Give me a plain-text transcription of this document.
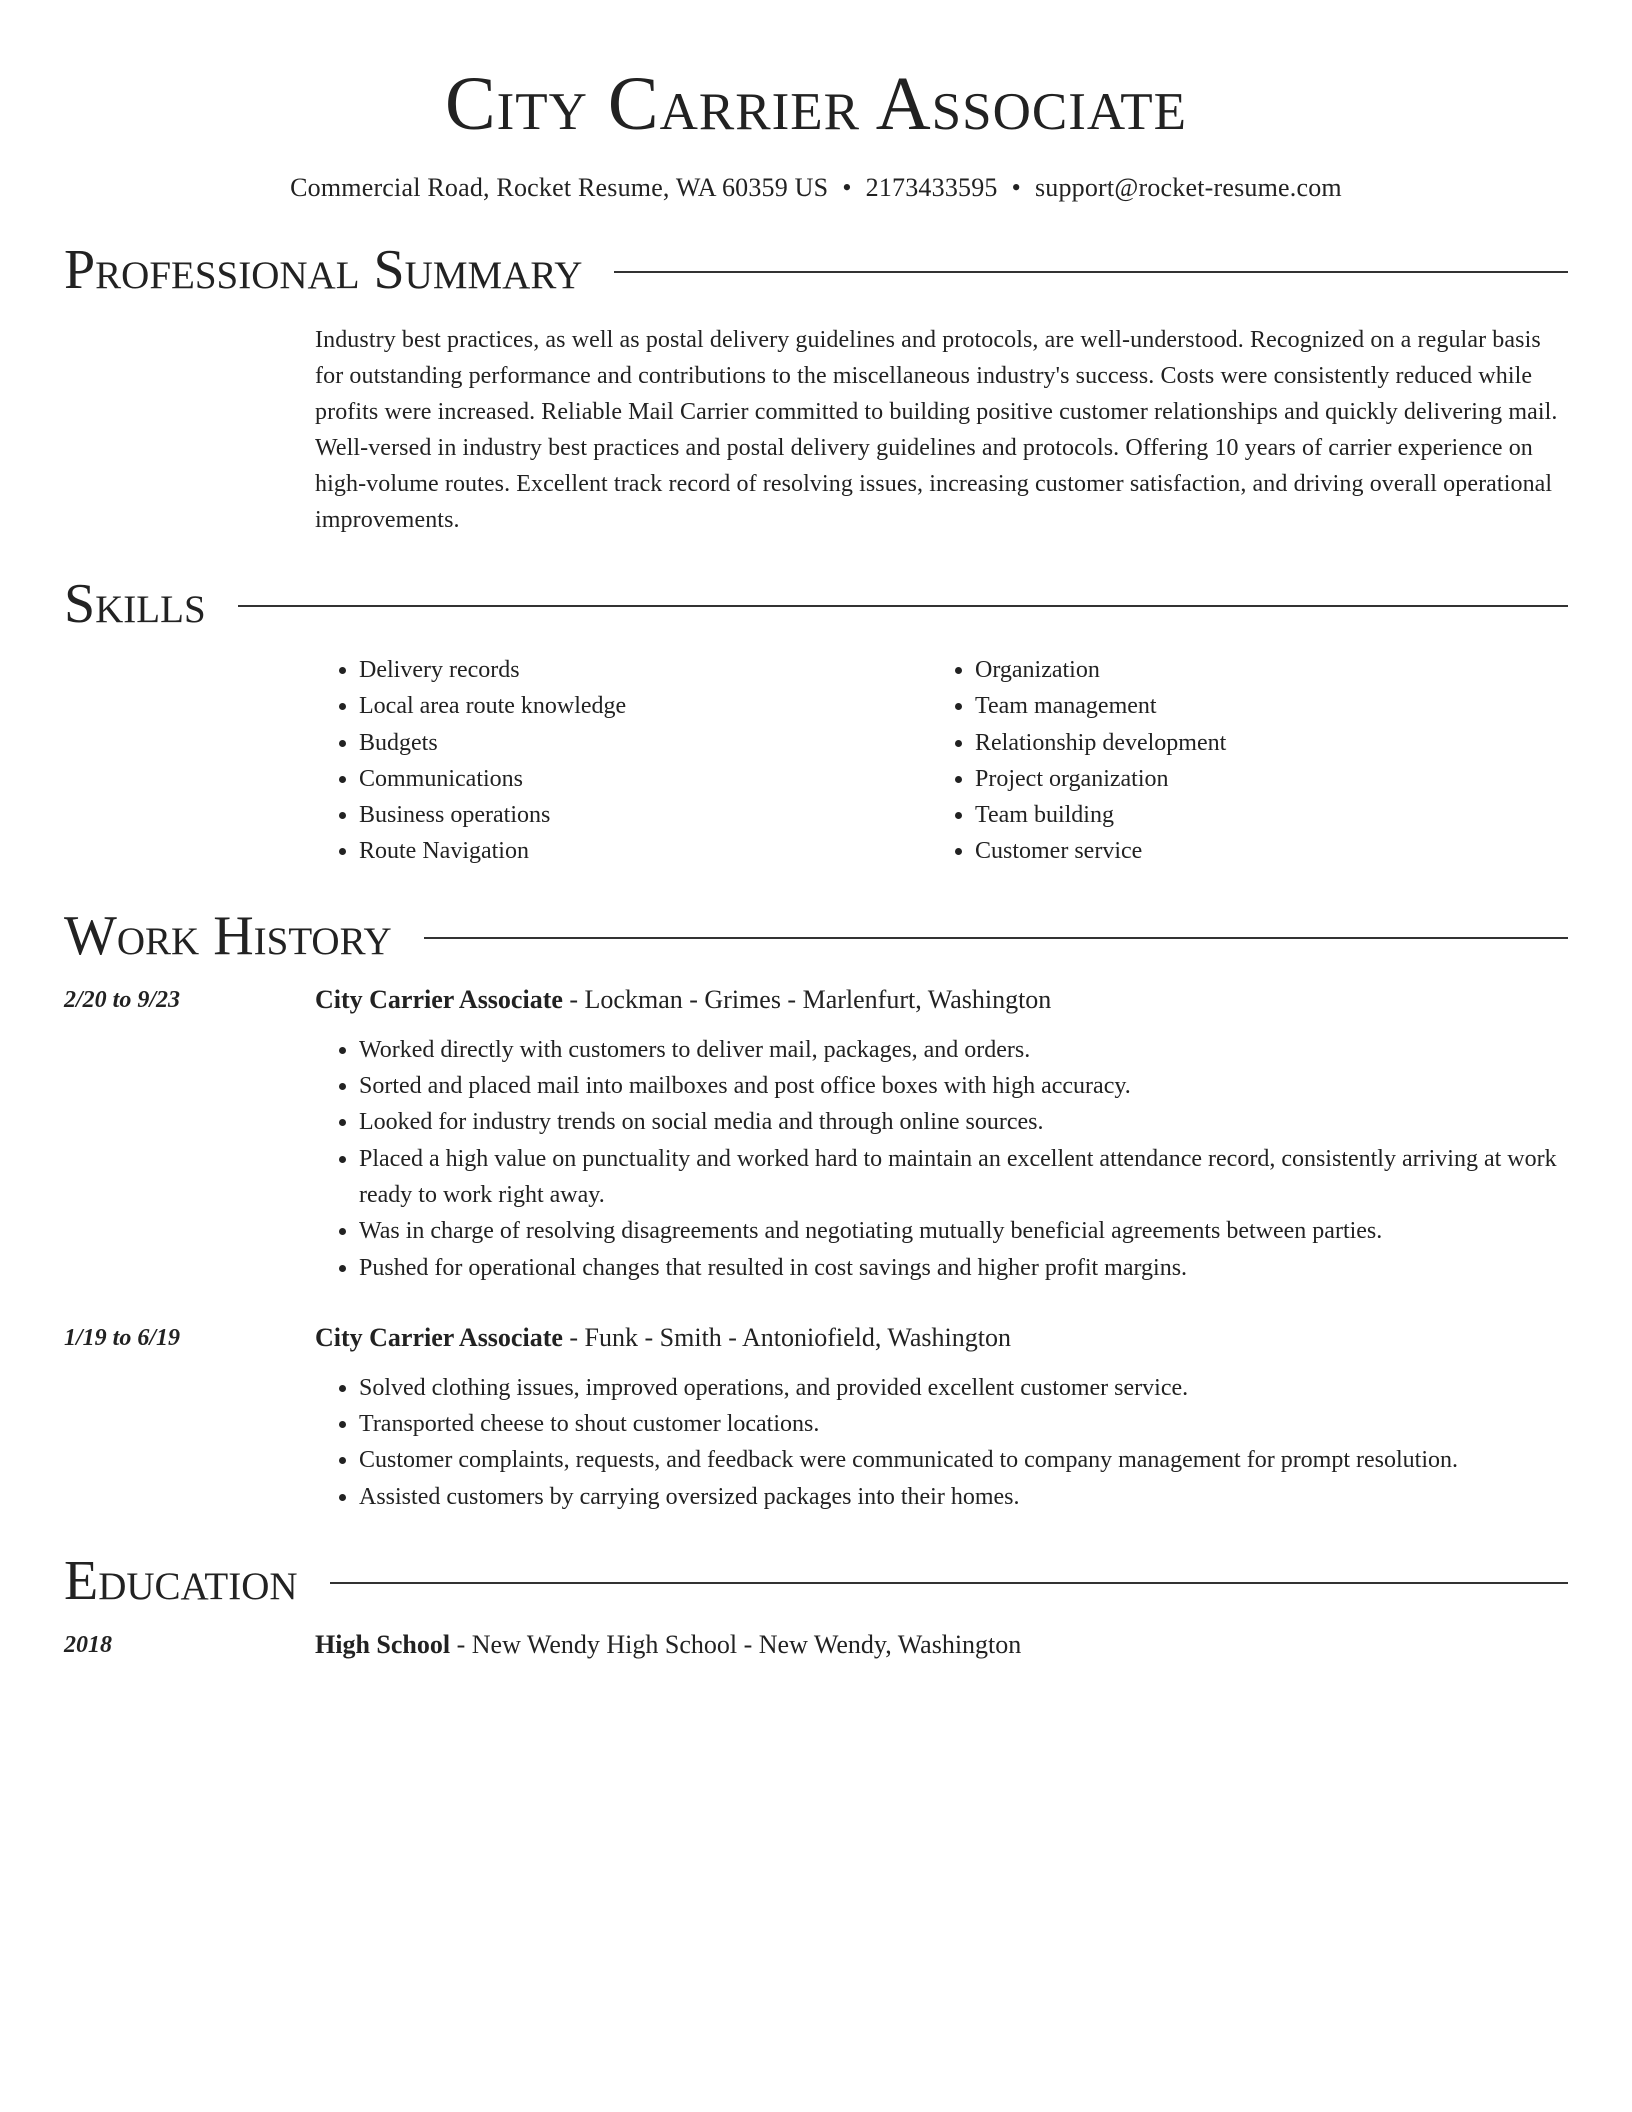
City Carrier Associate
Commercial Road, Rocket Resume, WA 60359 US • 2173433595 • support@rocket-resume.com
Professional Summary
Industry best practices, as well as postal delivery guidelines and protocols, are well-understood. Recognized on a regular basis for outstanding performance and contributions to the miscellaneous industry's success. Costs were consistently reduced while profits were increased. Reliable Mail Carrier committed to building positive customer relationships and quickly delivering mail. Well-versed in industry best practices and postal delivery guidelines and protocols. Offering 10 years of carrier experience on high-volume routes. Excellent track record of resolving issues, increasing customer satisfaction, and driving overall operational improvements.
Skills
• Delivery records
• Local area route knowledge
• Budgets
• Communications
• Business operations
• Route Navigation
• Organization
• Team management
• Relationship development
• Project organization
• Team building
• Customer service
Work History
2/20 to 9/23	City Carrier Associate - Lockman - Grimes - Marlenfurt, Washington
• Worked directly with customers to deliver mail, packages, and orders.
• Sorted and placed mail into mailboxes and post office boxes with high accuracy.
• Looked for industry trends on social media and through online sources.
• Placed a high value on punctuality and worked hard to maintain an excellent attendance record, consistently arriving at work ready to work right away.
• Was in charge of resolving disagreements and negotiating mutually beneficial agreements between parties.
• Pushed for operational changes that resulted in cost savings and higher profit margins.
1/19 to 6/19	City Carrier Associate - Funk - Smith - Antoniofield, Washington
• Solved clothing issues, improved operations, and provided excellent customer service.
• Transported cheese to shout customer locations.
• Customer complaints, requests, and feedback were communicated to company management for prompt resolution.
• Assisted customers by carrying oversized packages into their homes.
Education
2018	High School - New Wendy High School - New Wendy, Washington
